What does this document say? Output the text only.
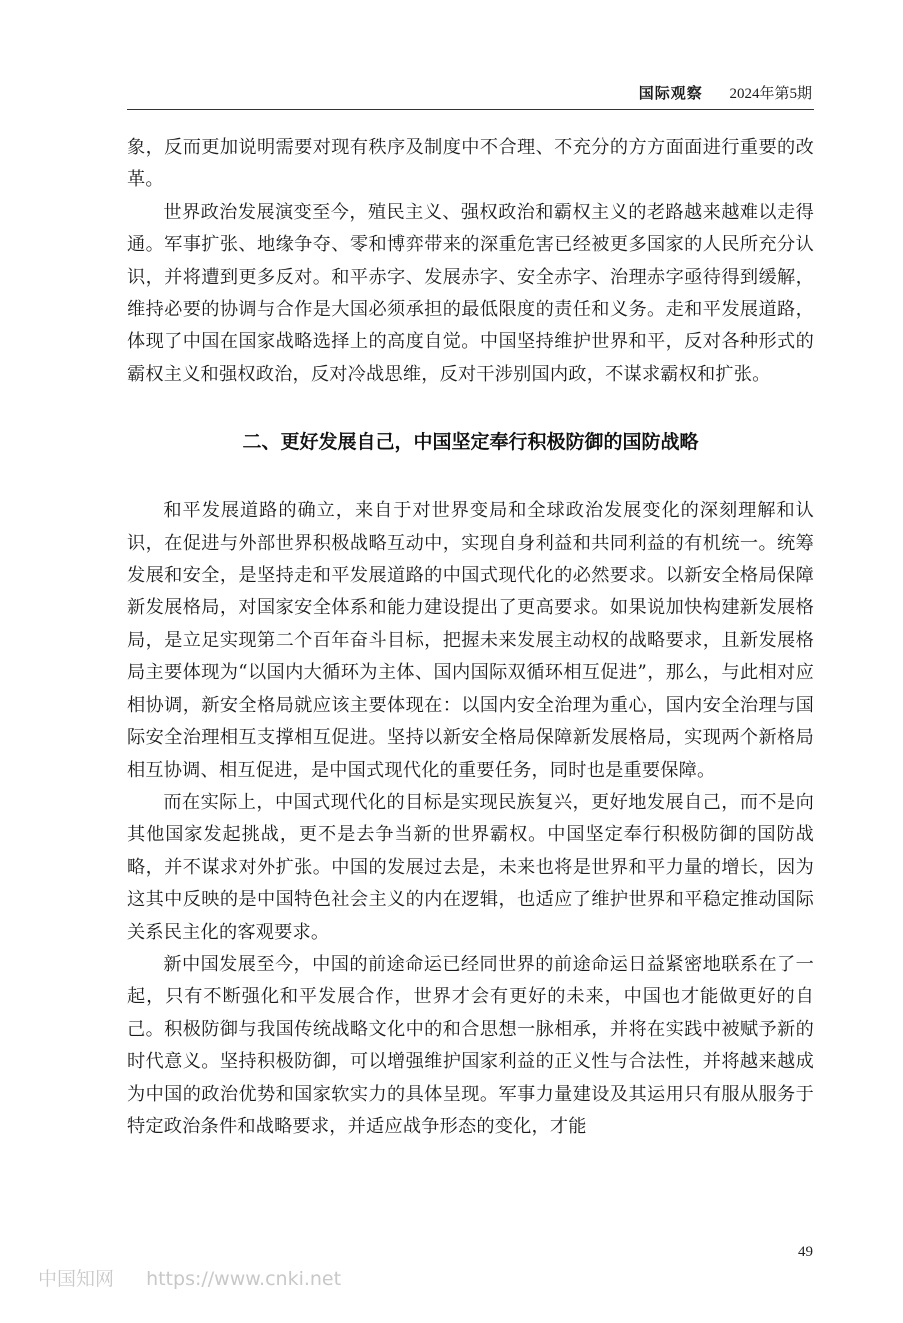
国际观察 2024年第5期

象，反而更加说明需要对现有秩序及制度中不合理、不充分的方方面面进行重要的改革。

世界政治发展演变至今，殖民主义、强权政治和霸权主义的老路越来越难以走得通。军事扩张、地缘争夺、零和博弈带来的深重危害已经被更多国家的人民所充分认识，并将遭到更多反对。和平赤字、发展赤字、安全赤字、治理赤字亟待得到缓解，维持必要的协调与合作是大国必须承担的最低限度的责任和义务。走和平发展道路，体现了中国在国家战略选择上的高度自觉。中国坚持维护世界和平，反对各种形式的霸权主义和强权政治，反对冷战思维，反对干涉别国内政，不谋求霸权和扩张。

二、更好发展自己，中国坚定奉行积极防御的国防战略

和平发展道路的确立，来自于对世界变局和全球政治发展变化的深刻理解和认识，在促进与外部世界积极战略互动中，实现自身利益和共同利益的有机统一。统筹发展和安全，是坚持走和平发展道路的中国式现代化的必然要求。以新安全格局保障新发展格局，对国家安全体系和能力建设提出了更高要求。如果说加快构建新发展格局，是立足实现第二个百年奋斗目标，把握未来发展主动权的战略要求，且新发展格局主要体现为“以国内大循环为主体、国内国际双循环相互促进”，那么，与此相对应相协调，新安全格局就应该主要体现在：以国内安全治理为重心，国内安全治理与国际安全治理相互支撑相互促进。坚持以新安全格局保障新发展格局，实现两个新格局相互协调、相互促进，是中国式现代化的重要任务，同时也是重要保障。

而在实际上，中国式现代化的目标是实现民族复兴，更好地发展自己，而不是向其他国家发起挑战，更不是去争当新的世界霸权。中国坚定奉行积极防御的国防战略，并不谋求对外扩张。中国的发展过去是，未来也将是世界和平力量的增长，因为这其中反映的是中国特色社会主义的内在逻辑，也适应了维护世界和平稳定推动国际关系民主化的客观要求。

新中国发展至今，中国的前途命运已经同世界的前途命运日益紧密地联系在了一起，只有不断强化和平发展合作，世界才会有更好的未来，中国也才能做更好的自己。积极防御与我国传统战略文化中的和合思想一脉相承，并将在实践中被赋予新的时代意义。坚持积极防御，可以增强维护国家利益的正义性与合法性，并将越来越成为中国的政治优势和国家软实力的具体呈现。军事力量建设及其运用只有服从服务于特定政治条件和战略要求，并适应战争形态的变化，才能

49
中国知网 https://www.cnki.net
